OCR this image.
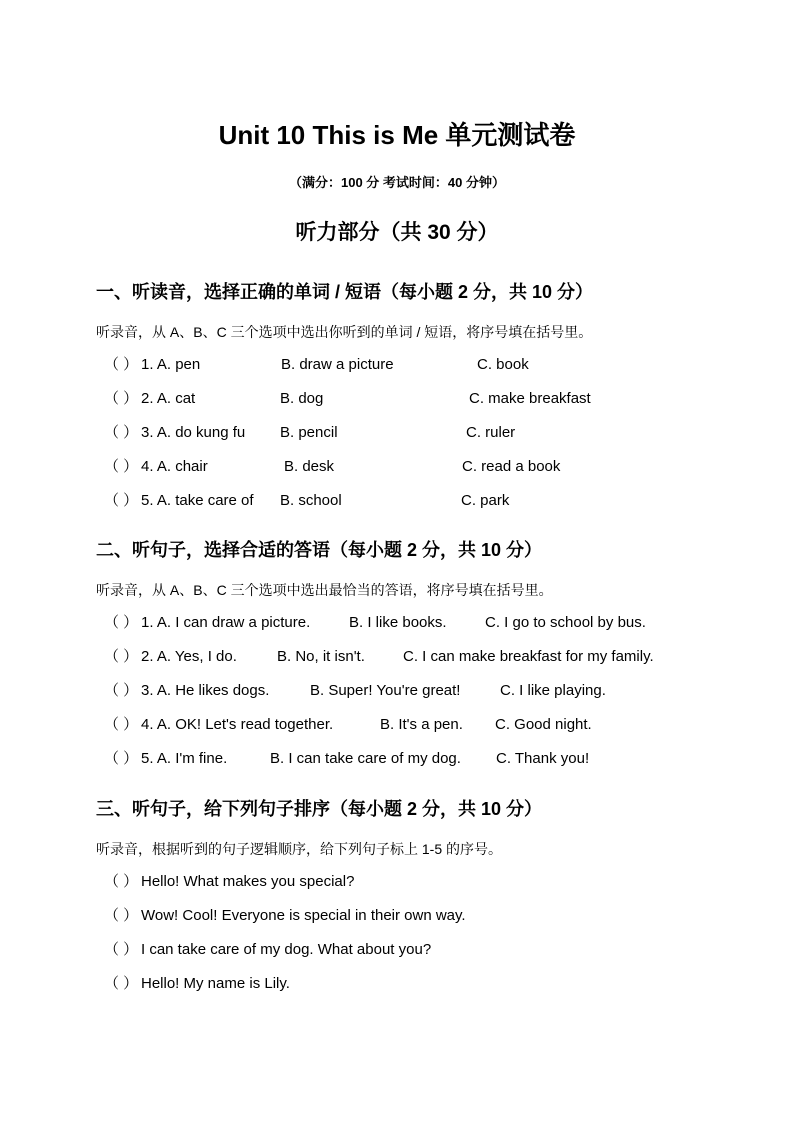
Unit 10 This is Me 单元测试卷
（满分：100 分 考试时间：40 分钟）
听力部分（共 30 分）
一、听读音，选择正确的单词 / 短语（每小题 2 分，共 10 分）
听录音，从 A、B、C 三个选项中选出你听到的单词 / 短语，将序号填在括号里。
（ ） 1. A. pen	B. draw a picture	C. book
（ ） 2. A. cat	B. dog	C. make breakfast
（ ） 3. A. do kung fu B. pencil	C. ruler
（ ） 4. A. chair	B. desk	C. read a book
（ ） 5. A. take care of B. school	C. park
二、听句子，选择合适的答语（每小题 2 分，共 10 分）
听录音，从 A、B、C 三个选项中选出最恰当的答语，将序号填在括号里。
（ ） 1. A. I can draw a picture.	B. I like books.	C. I go to school by bus.
（ ） 2. A. Yes, I do.	B. No, it isn't.	C. I can make breakfast for my family.
（ ） 3. A. He likes dogs.	B. Super! You're great!	C. I like playing.
（ ） 4. A. OK! Let's read together.	B. It's a pen. C. Good night.
（ ） 5. A. I'm fine.	B. I can take care of my dog. C. Thank you!
三、听句子，给下列句子排序（每小题 2 分，共 10 分）
听录音，根据听到的句子逻辑顺序，给下列句子标上 1-5 的序号。
（ ） Hello! What makes you special?
（ ） Wow! Cool! Everyone is special in their own way.
（ ） I can take care of my dog. What about you?
（ ） Hello! My name is Lily.
